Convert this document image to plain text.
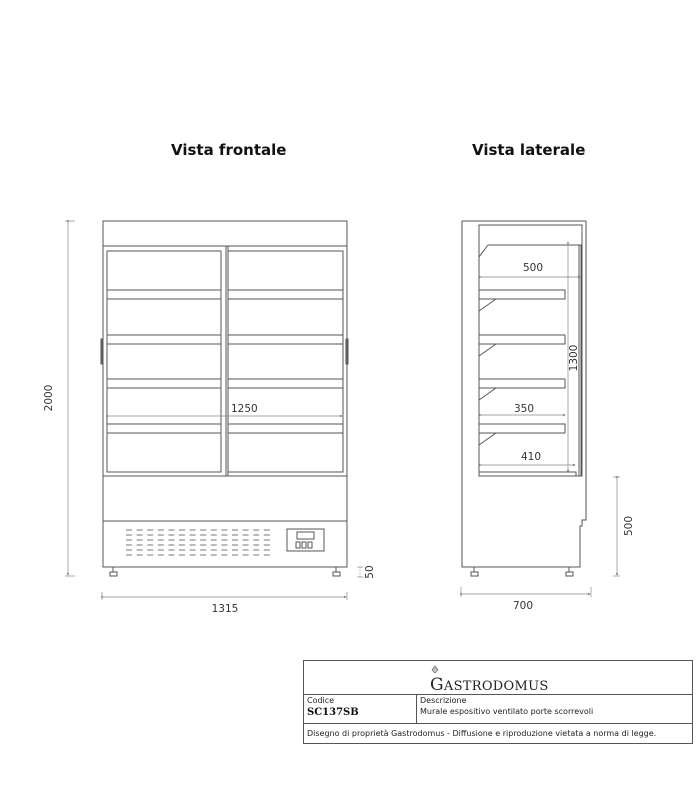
Vista frontale	Vista laterale
2000	1250
1315
50
500
1300
350
410
500
700
GASTRODOMUS
Codice
SC137SB
Descrizione
Murale espositivo ventilato porte scorrevoli
Disegno di proprietà Gastrodomus - Diffusione e riproduzione vietata a norma di legge.
